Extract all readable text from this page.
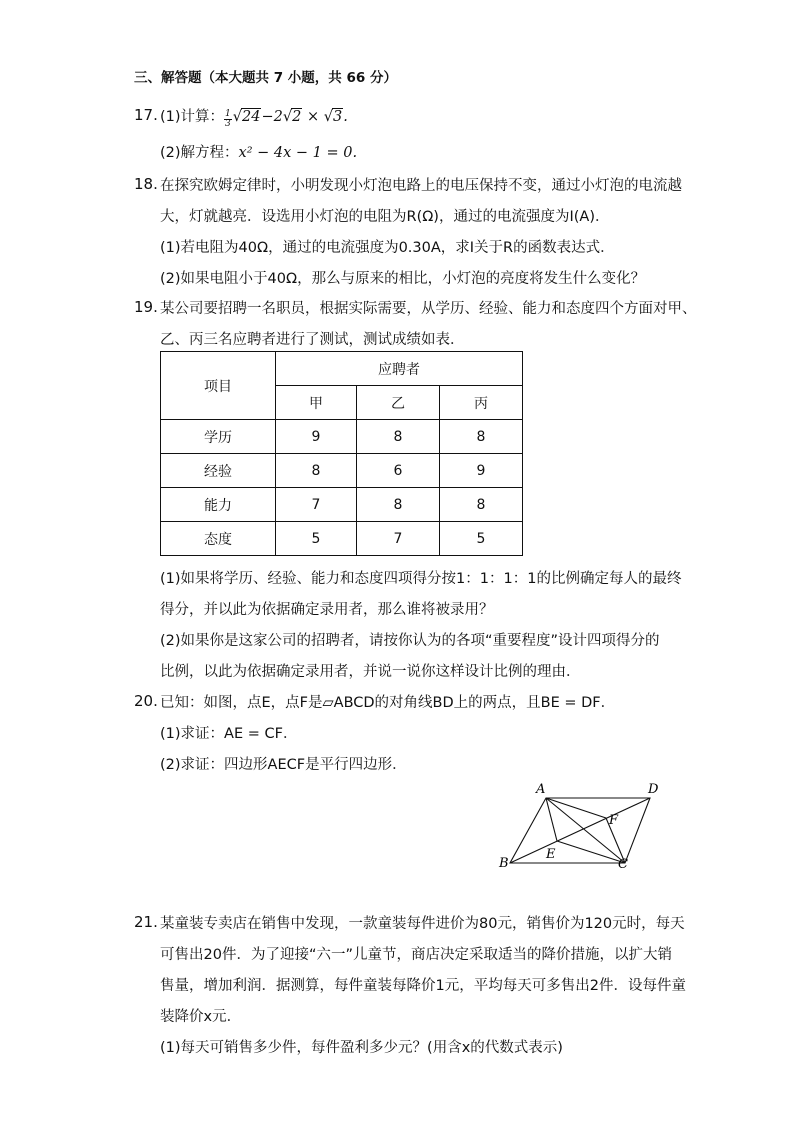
三、解答题（本大题共 7 小题，共 66 分）
17. (1)计算： $\frac{1}{3} √24-2√2 \times √3$.
(2)解方程：x² − 4x − 1 = 0.
18. 在探究欧姆定律时，小明发现小灯泡电路上的电压保持不变，通过小灯泡的电流越
大，灯就越亮．设选用小灯泡的电阻为R(Ω)，通过的电流强度为I(A)．
(1)若电阻为40Ω，通过的电流强度为0.30A，求I关于R的函数表达式．
(2)如果电阻小于40Ω，那么与原来的相比，小灯泡的亮度将发生什么变化？
19. 某公司要招聘一名职员，根据实际需要，从学历、经验、能力和态度四个方面对甲、
乙、丙三名应聘者进行了测试，测试成绩如表．
项目	应聘者		
	甲	乙	丙
学历	9	8	8
经验	8	6	9
能力	7	8	8
态度	5	7	5
(1)如果将学历、经验、能力和态度四项得分按1：1：1：1的比例确定每人的最终
得分，并以此为依据确定录用者，那么谁将被录用？
(2)如果你是这家公司的招聘者，请按你认为的各项“重要程度”设计四项得分的
比例，以此为依据确定录用者，并说一说你这样设计比例的理由．
20. 已知：如图，点E，点F是▱ABCD的对角线BD上的两点，且BE = DF．
(1)求证：AE = CF．
(2)求证：四边形AECF是平行四边形．
A	D
B	C
E
F
21. 某童装专卖店在销售中发现，一款童装每件进价为80元，销售价为120元时，每天
可售出20件．为了迎接“六一”儿童节，商店决定采取适当的降价措施，以扩大销
售量，增加利润．据测算，每件童装每降价1元，平均每天可多售出2件．设每件童
装降价x元．
(1)每天可销售多少件，每件盈利多少元？(用含x的代数式表示)
